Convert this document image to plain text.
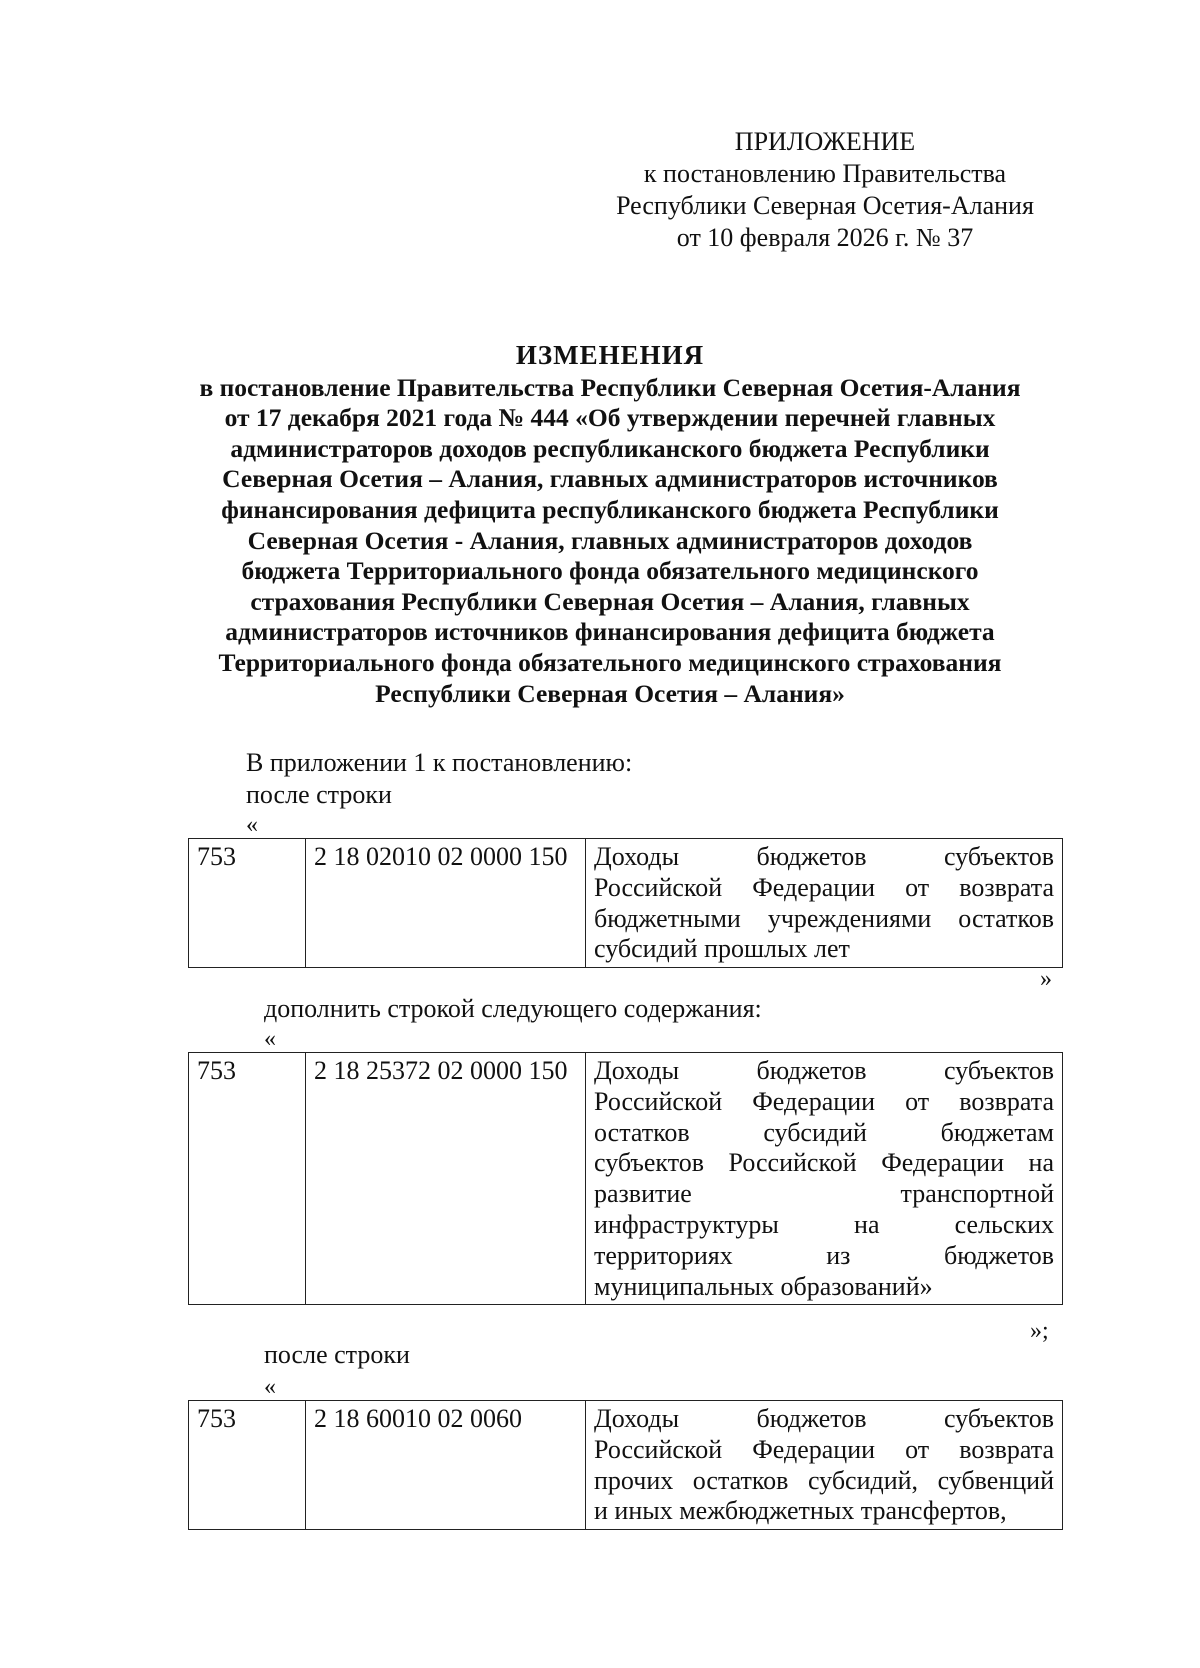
ПРИЛОЖЕНИЕ
к постановлению Правительства
Республики Северная Осетия-Алания
от 10 февраля 2026 г. № 37
ИЗМЕНЕНИЯ
в постановление Правительства Республики Северная Осетия-Алания
от 17 декабря 2021 года № 444 «Об утверждении перечней главных
администраторов доходов республиканского бюджета Республики
Северная Осетия – Алания, главных администраторов источников
финансирования дефицита республиканского бюджета Республики
Северная Осетия - Алания, главных администраторов доходов
бюджета Территориального фонда обязательного медицинского
страхования Республики Северная Осетия – Алания, главных
администраторов источников финансирования дефицита бюджета
Территориального фонда обязательного медицинского страхования
Республики Северная Осетия – Алания»
В приложении 1 к постановлению:
после строки
«
753	2 18 02010 02 0000 150	Доходы бюджетов субъектов
Российской Федерации от возврата
бюджетными учреждениями остатков
субсидий прошлых лет
»
дополнить строкой следующего содержания:
«
753	2 18 25372 02 0000 150	Доходы бюджетов субъектов
Российской Федерации от возврата
остатков субсидий бюджетам
субъектов Российской Федерации на
развитие транспортной
инфраструктуры на сельских
территориях из бюджетов
муниципальных образований»
»;
после строки
«
753	2 18 60010 02 0060	Доходы бюджетов субъектов
Российской Федерации от возврата
прочих остатков субсидий, субвенций
и иных межбюджетных трансфертов,
